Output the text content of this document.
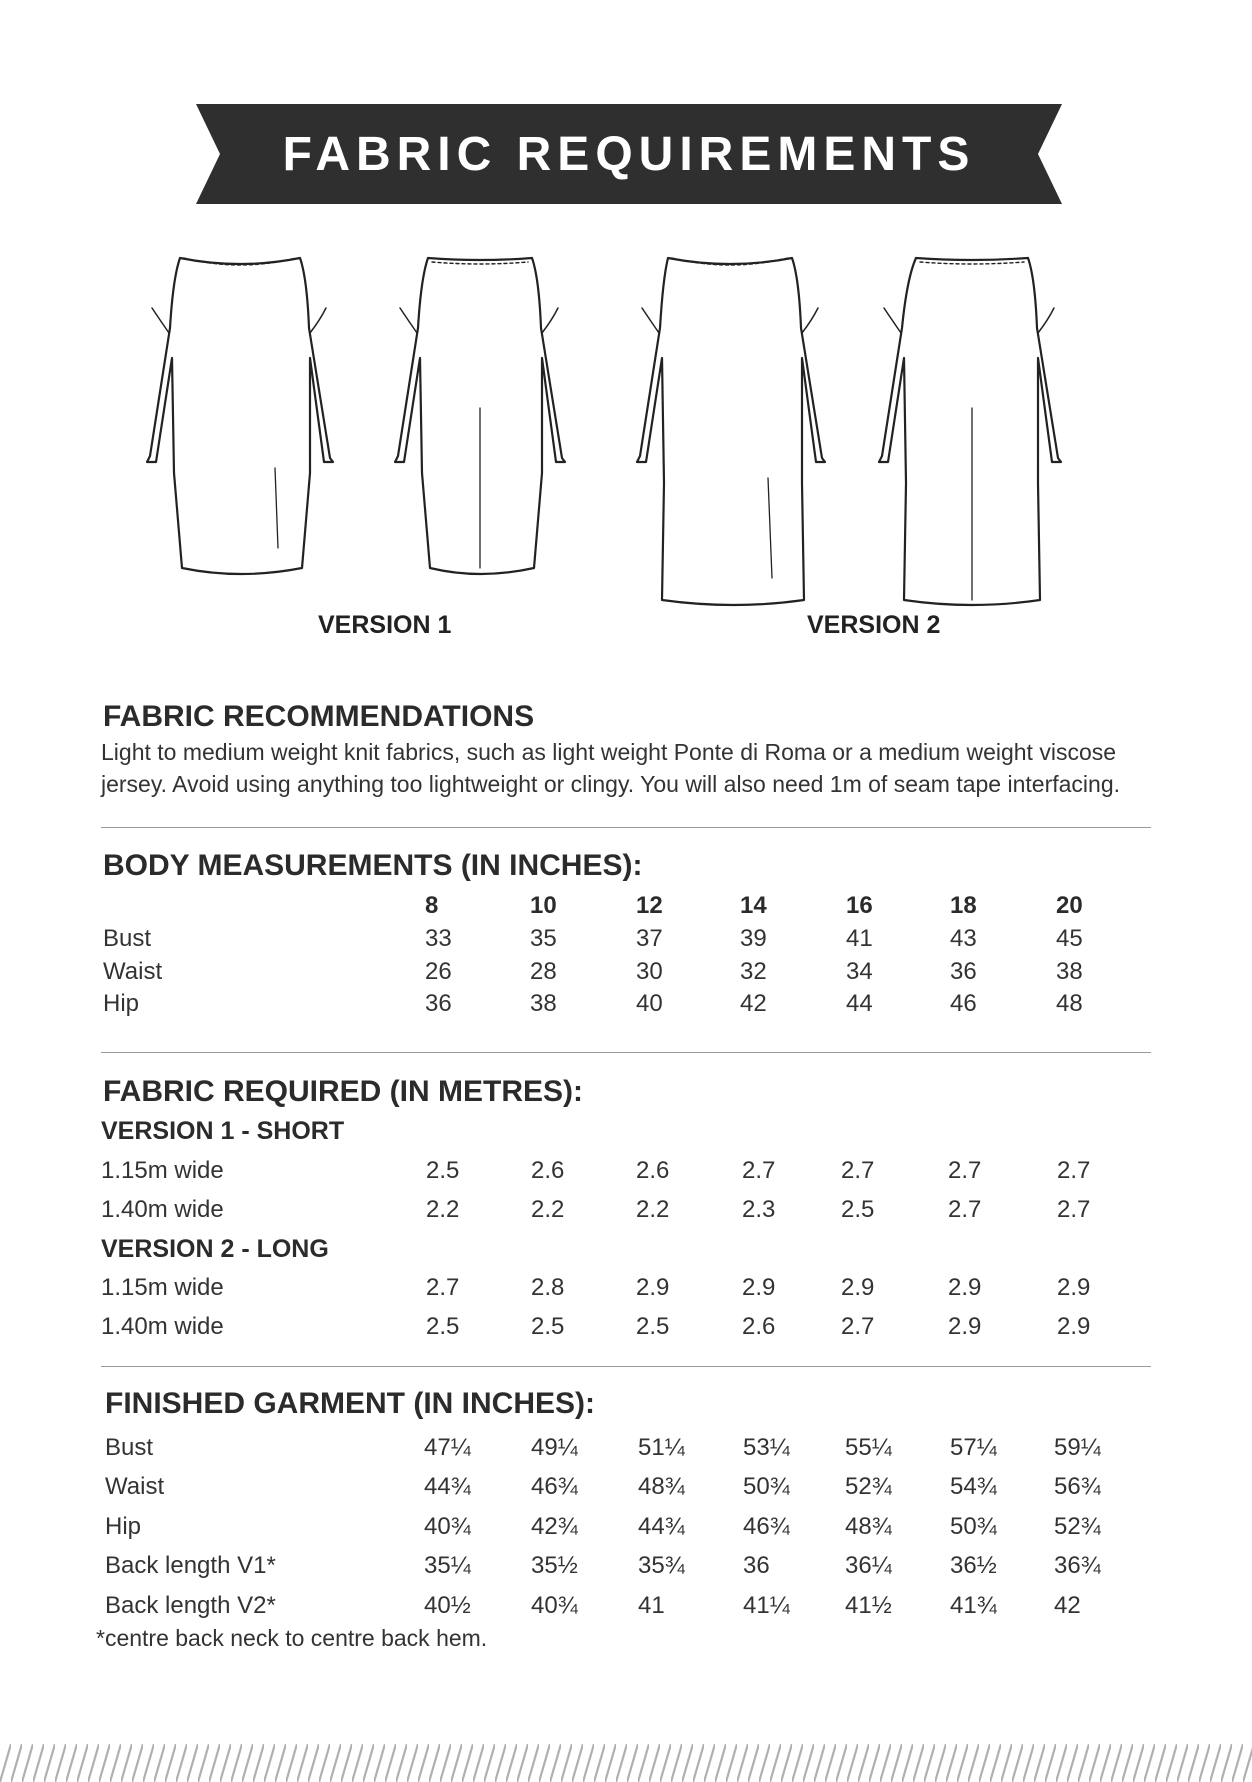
FABRIC REQUIREMENTS
VERSION 1	VERSION 2
FABRIC RECOMMENDATIONS
Light to medium weight knit fabrics, such as light weight Ponte di Roma or a medium weight viscose jersey. Avoid using anything too lightweight or clingy. You will also need 1m of seam tape interfacing.
BODY MEASUREMENTS (IN INCHES):
8	10	12	14	16	18	20
Bust	33	35	37	39	41	43	45
Waist	26	28	30	32	34	36	38
Hip	36	38	40	42	44	46	48
FABRIC REQUIRED (IN METRES):
VERSION 1 - SHORT
1.15m wide	2.5	2.6	2.6	2.7	2.7	2.7	2.7
1.40m wide	2.2	2.2	2.2	2.3	2.5	2.7	2.7
VERSION 2 - LONG
1.15m wide	2.7	2.8	2.9	2.9	2.9	2.9	2.9
1.40m wide	2.5	2.5	2.5	2.6	2.7	2.9	2.9
FINISHED GARMENT (IN INCHES):
Bust	47¼	49¼	51¼ 53¼ 55¼ 57¼ 59¼
Waist	44¾	46¾	48¾ 50¾ 52¾ 54¾ 56¾
Hip	40¾	42¾	44¾ 46¾ 48¾ 50¾ 52¾
Back length V1*	35¼	35½	35¾ 36	36¼ 36½ 36¾
Back length V2*	40½	40¾	41	41¼ 41½ 41¾ 42
*centre back neck to centre back hem.
